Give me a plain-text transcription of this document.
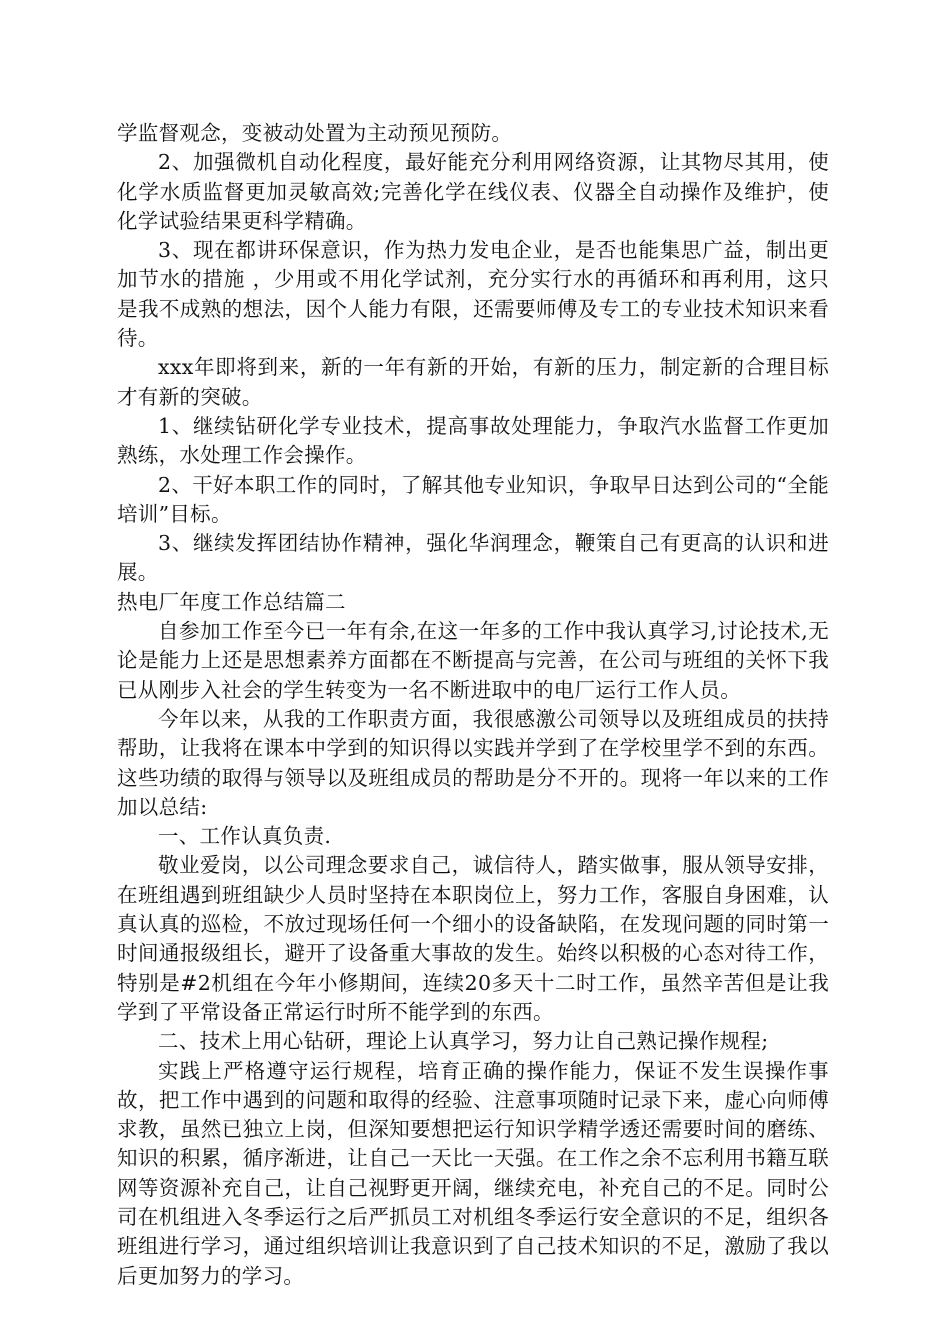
学监督观念，变被动处置为主动预见预防。

2、加强微机自动化程度，最好能充分利用网络资源，让其物尽其用，使化学水质监督更加灵敏高效;完善化学在线仪表、仪器全自动操作及维护，使化学试验结果更科学精确。

3、现在都讲环保意识，作为热力发电企业，是否也能集思广益，制出更加节水的措施 ，少用或不用化学试剂，充分实行水的再循环和再利用，这只是我不成熟的想法，因个人能力有限，还需要师傅及专工的专业技术知识来看待。

xxx年即将到来，新的一年有新的开始，有新的压力，制定新的合理目标才有新的突破。

1、继续钻研化学专业技术，提高事故处理能力，争取汽水监督工作更加熟练，水处理工作会操作。

2、干好本职工作的同时，了解其他专业知识，争取早日达到公司的“全能培训”目标。

3、继续发挥团结协作精神，强化华润理念，鞭策自己有更高的认识和进展。

热电厂年度工作总结篇二

自参加工作至今已一年有余,在这一年多的工作中我认真学习,讨论技术,无论是能力上还是思想素养方面都在不断提高与完善，在公司与班组的关怀下我已从刚步入社会的学生转变为一名不断进取中的电厂运行工作人员。

今年以来，从我的工作职责方面，我很感激公司领导以及班组成员的扶持帮助，让我将在课本中学到的知识得以实践并学到了在学校里学不到的东西。这些功绩的取得与领导以及班组成员的帮助是分不开的。现将一年以来的工作加以总结:

一、工作认真负责.

敬业爱岗，以公司理念要求自己，诚信待人，踏实做事，服从领导安排， 在班组遇到班组缺少人员时坚持在本职岗位上，努力工作，客服自身困难，认真认真的巡检，不放过现场任何一个细小的设备缺陷，在发现问题的同时第一时间通报级组长，避开了设备重大事故的发生。始终以积极的心态对待工作，特别是#2机组在今年小修期间，连续20多天十二时工作，虽然辛苦但是让我学到了平常设备正常运行时所不能学到的东西。

二、技术上用心钻研，理论上认真学习，努力让自己熟记操作规程;

实践上严格遵守运行规程，培育正确的操作能力，保证不发生误操作事故，把工作中遇到的问题和取得的经验、注意事项随时记录下来，虚心向师傅求教，虽然已独立上岗，但深知要想把运行知识学精学透还需要时间的磨练、知识的积累，循序渐进，让自己一天比一天强。在工作之余不忘利用书籍互联网等资源补充自己，让自己视野更开阔，继续充电，补充自己的不足。同时公司在机组进入冬季运行之后严抓员工对机组冬季运行安全意识的不足，组织各班组进行学习，通过组织培训让我意识到了自己技术知识的不足，激励了我以后更加努力的学习。
